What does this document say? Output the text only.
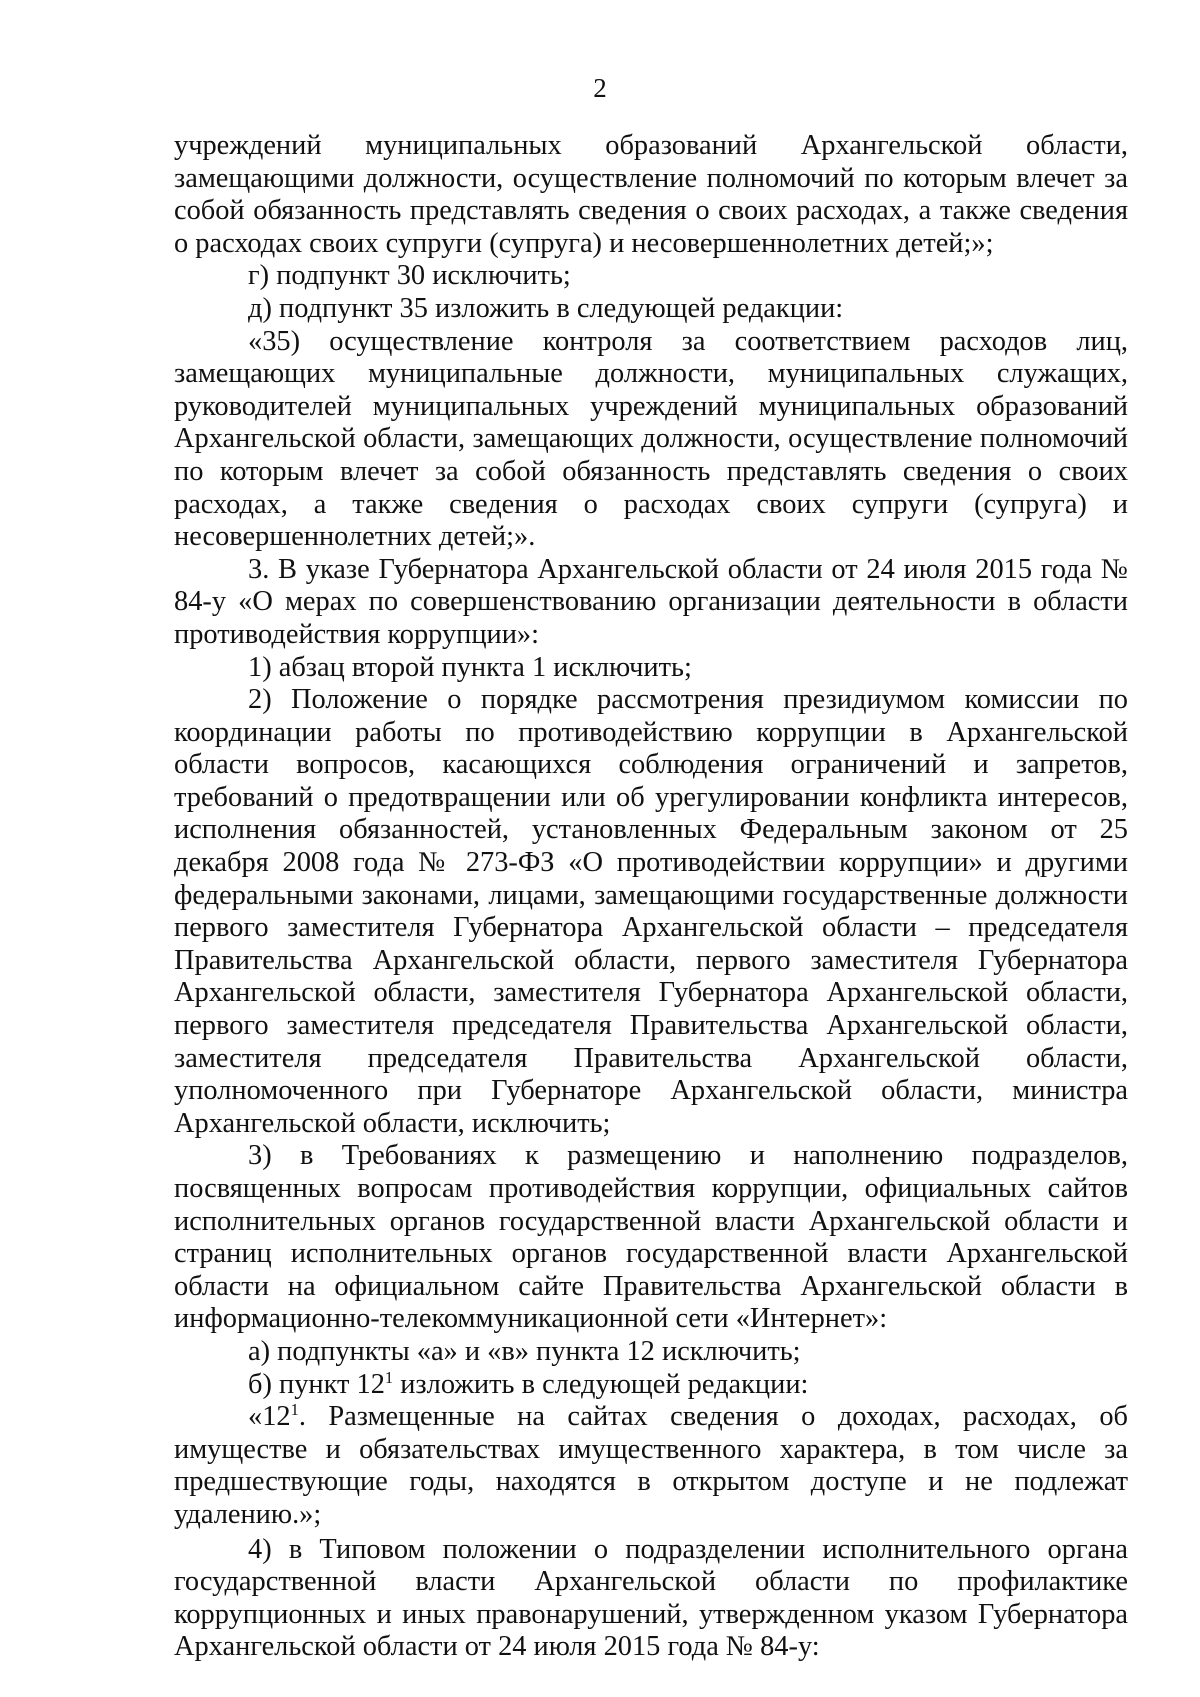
2

учреждений муниципальных образований Архангельской области, замещающими должности, осуществление полномочий по которым влечет за собой обязанность представлять сведения о своих расходах, а также сведения о расходах своих супруги (супруга) и несовершеннолетних детей;»;

г) подпункт 30 исключить;

д) подпункт 35 изложить в следующей редакции:

«35) осуществление контроля за соответствием расходов лиц, замещающих муниципальные должности, муниципальных служащих, руководителей муниципальных учреждений муниципальных образований Архангельской области, замещающих должности, осуществление полномочий по которым влечет за собой обязанность представлять сведения о своих расходах, а также сведения о расходах своих супруги (супруга) и несовершеннолетних детей;».

3. В указе Губернатора Архангельской области от 24 июля 2015 года № 84-у «О мерах по совершенствованию организации деятельности в области противодействия коррупции»:

1) абзац второй пункта 1 исключить;

2) Положение о порядке рассмотрения президиумом комиссии по координации работы по противодействию коррупции в Архангельской области вопросов, касающихся соблюдения ограничений и запретов, требований о предотвращении или об урегулировании конфликта интересов, исполнения обязанностей, установленных Федеральным законом от 25 декабря 2008 года № 273-ФЗ «О противодействии коррупции» и другими федеральными законами, лицами, замещающими государственные должности первого заместителя Губернатора Архангельской области – председателя Правительства Архангельской области, первого заместителя Губернатора Архангельской области, заместителя Губернатора Архангельской области, первого заместителя председателя Правительства Архангельской области, заместителя председателя Правительства Архангельской области, уполномоченного при Губернаторе Архангельской области, министра Архангельской области, исключить;

3) в Требованиях к размещению и наполнению подразделов, посвященных вопросам противодействия коррупции, официальных сайтов исполнительных органов государственной власти Архангельской области и страниц исполнительных органов государственной власти Архангельской области на официальном сайте Правительства Архангельской области в информационно-телекоммуникационной сети «Интернет»:

а) подпункты «а» и «в» пункта 12 исключить;

б) пункт $12^1$ изложить в следующей редакции:

«$12^1$. Размещенные на сайтах сведения о доходах, расходах, об имуществе и обязательствах имущественного характера, в том числе за предшествующие годы, находятся в открытом доступе и не подлежат удалению.»;

4) в Типовом положении о подразделении исполнительного органа государственной власти Архангельской области по профилактике коррупционных и иных правонарушений, утвержденном указом Губернатора Архангельской области от 24 июля 2015 года № 84-у:
